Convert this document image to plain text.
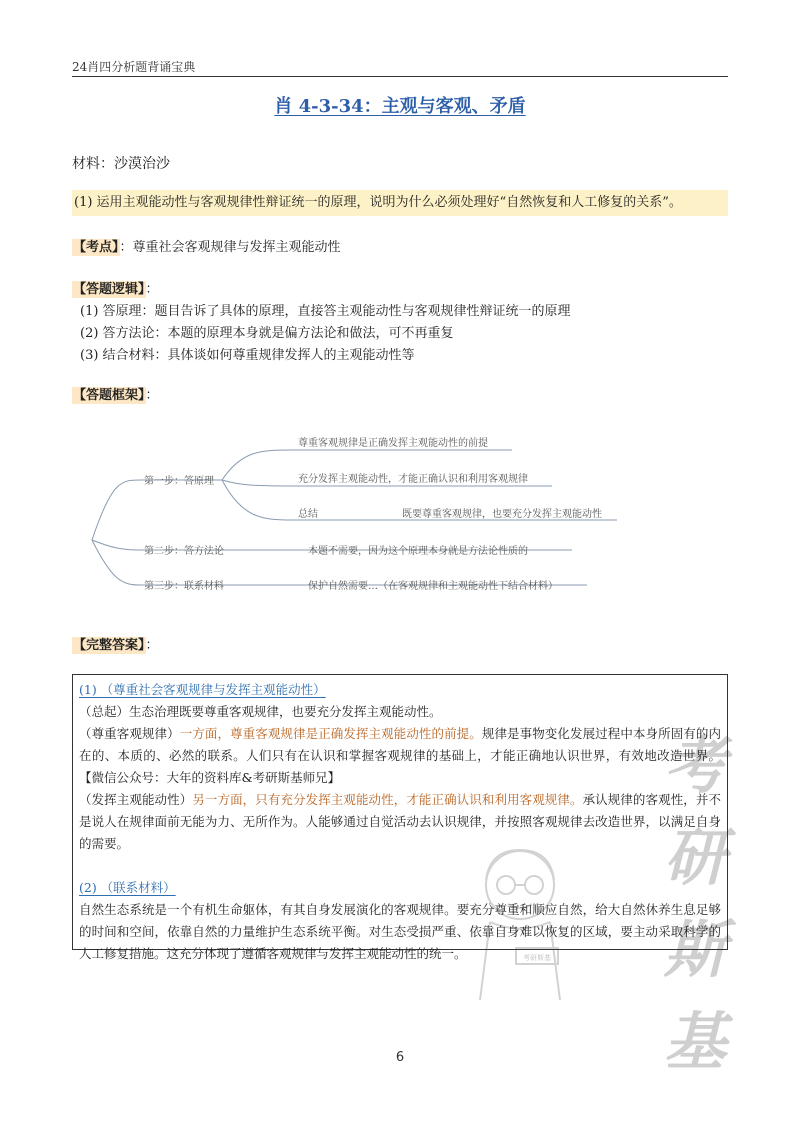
24肖四分析题背诵宝典
肖 4-3-34：主观与客观、矛盾
材料：沙漠治沙
(1) 运用主观能动性与客观规律性辩证统一的原理，说明为什么必须处理好“自然恢复和人工修复的关系”。
【考点】：尊重社会客观规律与发挥主观能动性
【答题逻辑】：
(1) 答原理：题目告诉了具体的原理，直接答主观能动性与客观规律性辩证统一的原理
(2) 答方法论：本题的原理本身就是偏方法论和做法，可不再重复
(3) 结合材料：具体谈如何尊重规律发挥人的主观能动性等
【答题框架】：
第一步：答原理
第二步：答方法论
第三步：联系材料
尊重客观规律是正确发挥主观能动性的前提
充分发挥主观能动性，才能正确认识和利用客观规律
总结	既要尊重客观规律，也要充分发挥主观能动性
本题不需要，因为这个原理本身就是方法论性质的
保护自然需要…（在客观规律和主观能动性下结合材料）
【完整答案】：
考研斯基
考
研
斯
基

(1) （尊重社会客观规律与发挥主观能动性）

（总起）生态治理既要尊重客观规律，也要充分发挥主观能动性。

（尊重客观规律）一方面，尊重客观规律是正确发挥主观能动性的前提。规律是事物变化发展过程中本身所固有的内在的、本质的、必然的联系。人们只有在认识和掌握客观规律的基础上，才能正确地认识世界，有效地改造世界。【微信公众号：大年的资料库&考研斯基师兄】

（发挥主观能动性）另一方面，只有充分发挥主观能动性，才能正确认识和利用客观规律。承认规律的客观性，并不是说人在规律面前无能为力、无所作为。人能够通过自觉活动去认识规律，并按照客观规律去改造世界，以满足自身的需要。

(2) （联系材料）

自然生态系统是一个有机生命躯体，有其自身发展演化的客观规律。要充分尊重和顺应自然，给大自然休养生息足够的时间和空间，依靠自然的力量维护生态系统平衡。对生态受损严重、依靠自身难以恢复的区域，要主动采取科学的人工修复措施。这充分体现了遵循客观规律与发挥主观能动性的统一。

6
